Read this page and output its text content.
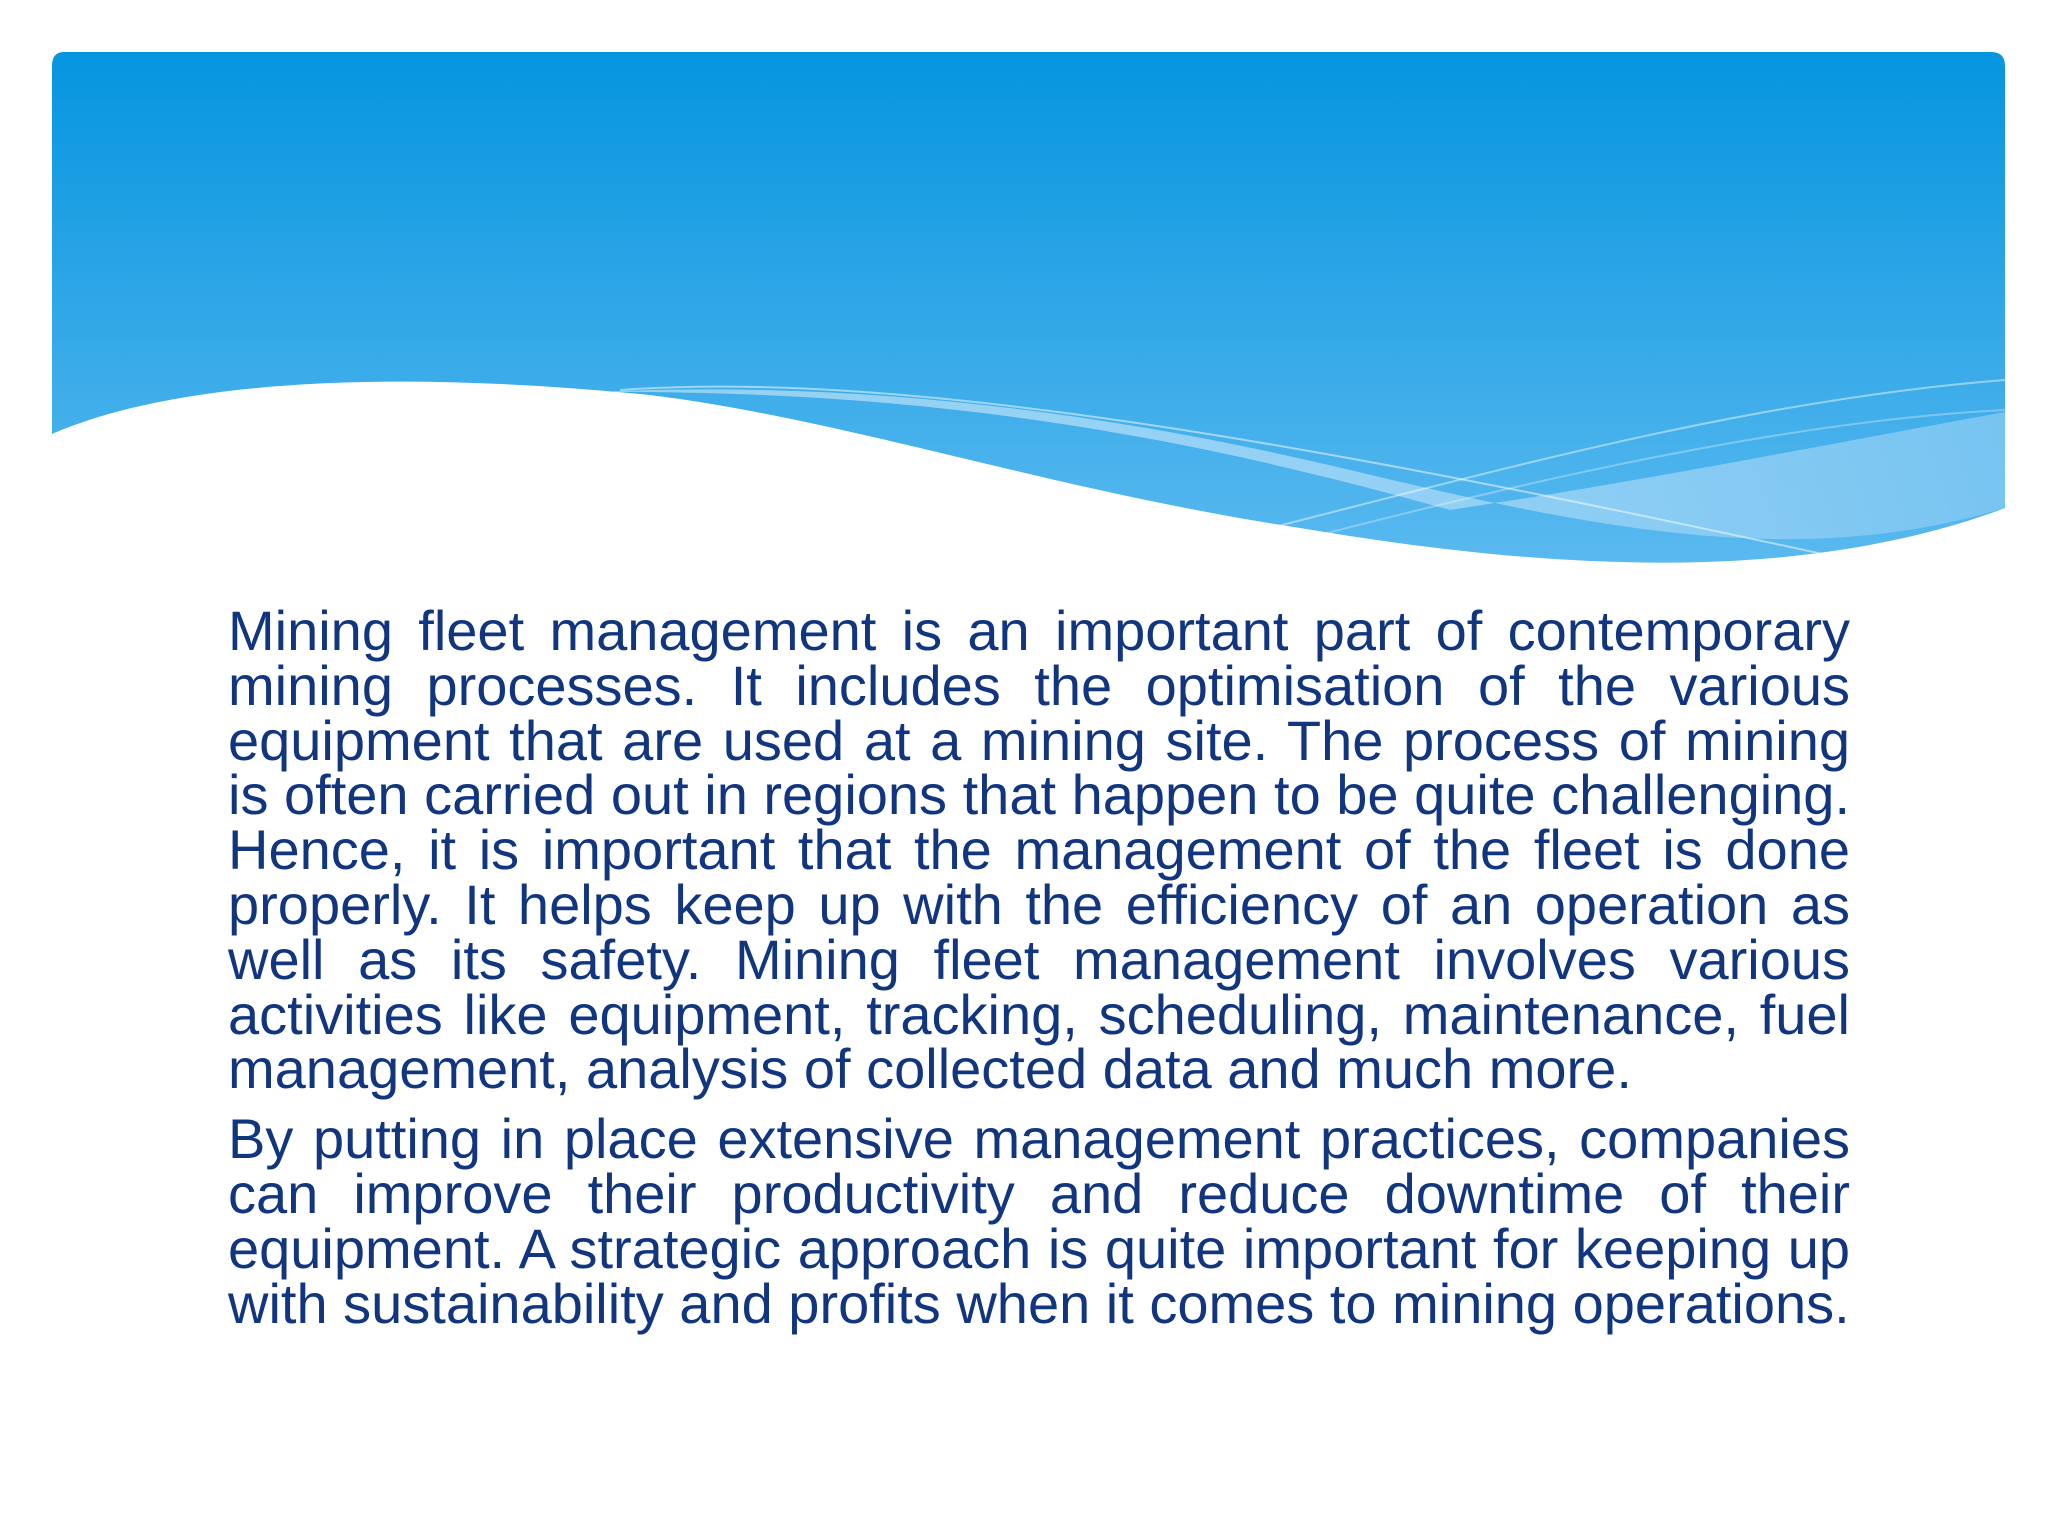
Mining fleet management is an important part of contemporary mining processes. It includes the optimisation of the various equipment that are used at a mining site. The process of mining is often carried out in regions that happen to be quite challenging. Hence, it is important that the management of the fleet is done properly. It helps keep up with the efficiency of an operation as well as its safety. Mining fleet management involves various activities like equipment, tracking, scheduling, maintenance, fuel management, analysis of collected data and much more.

By putting in place extensive management practices, companies can improve their productivity and reduce downtime of their equipment. A strategic approach is quite important for keeping up with sustainability and profits when it comes to mining operations.
